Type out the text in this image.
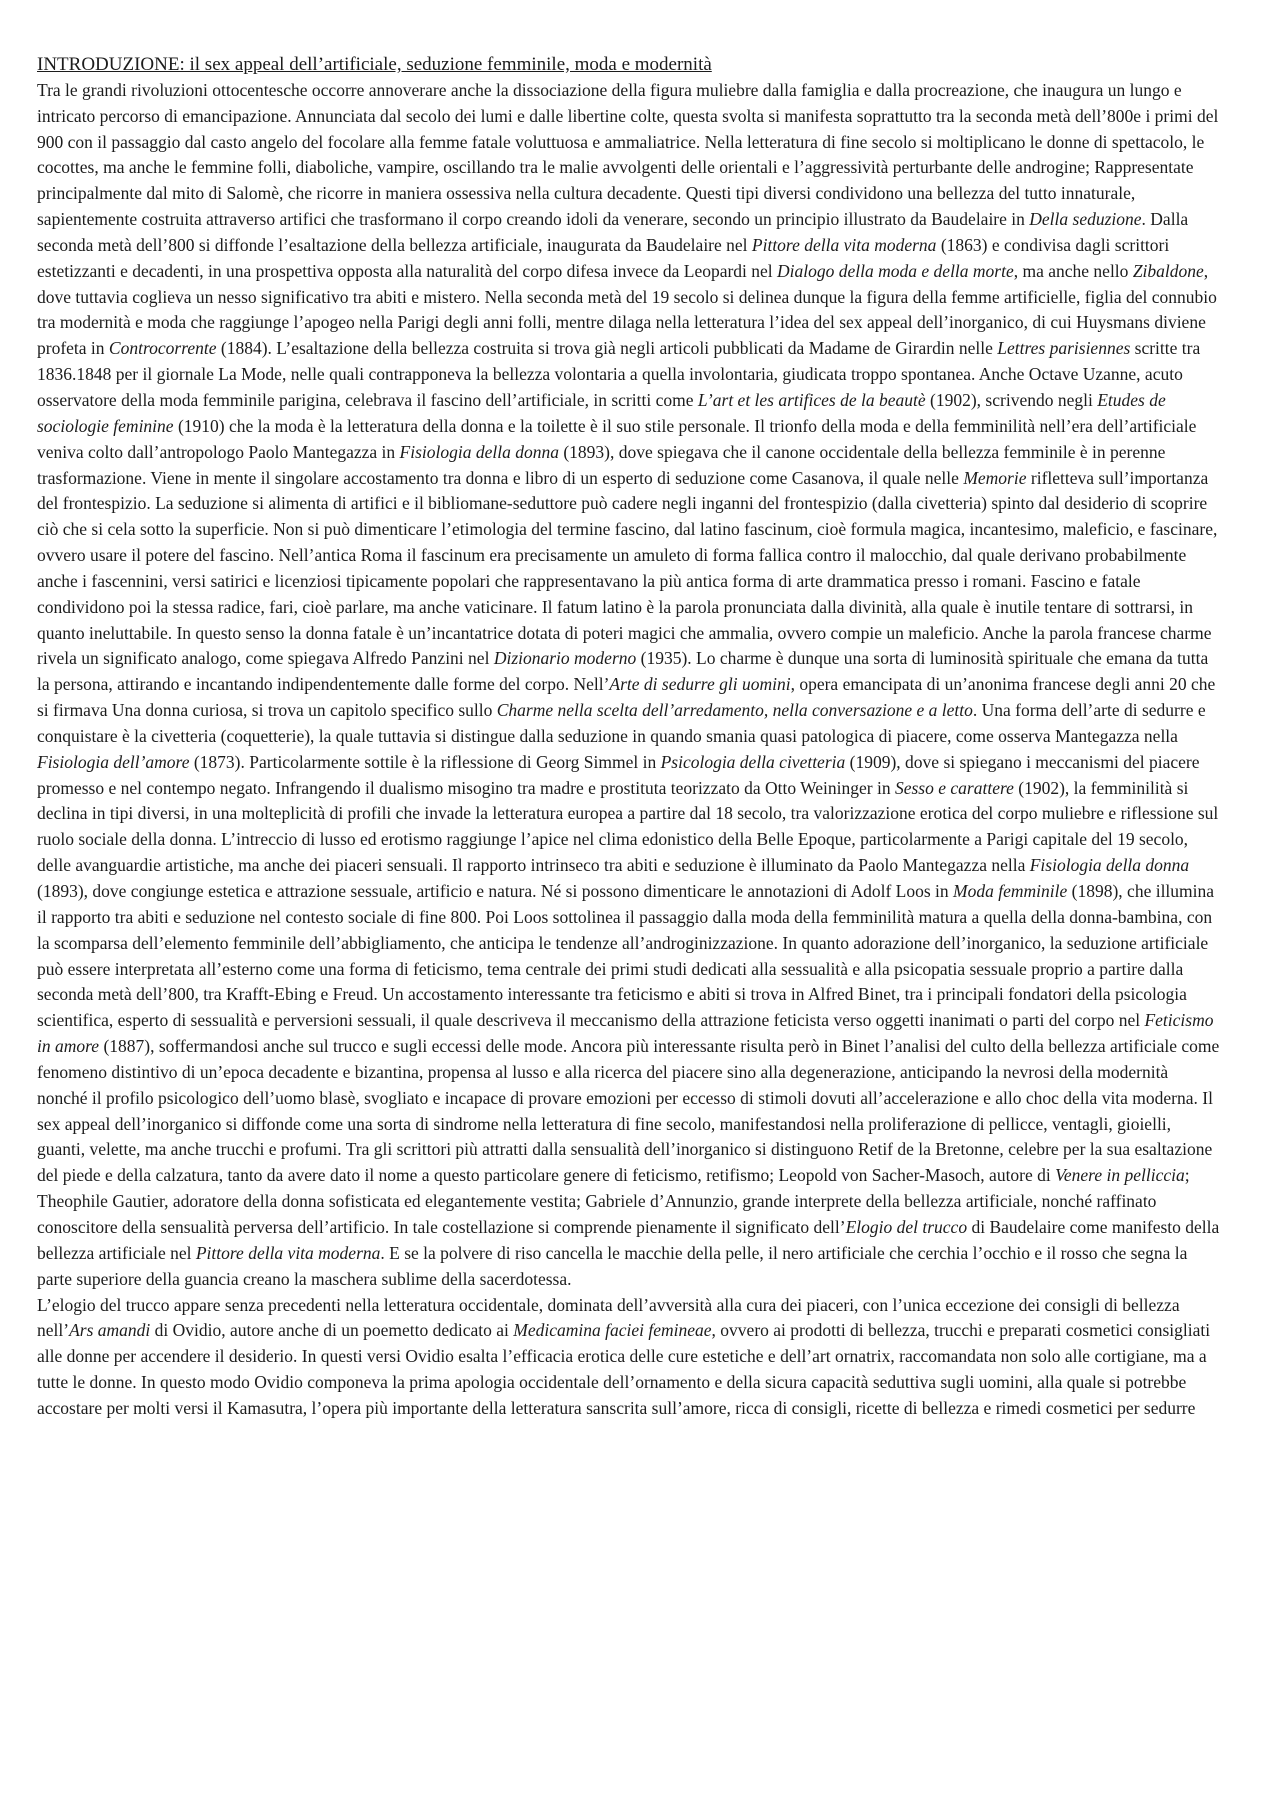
INTRODUZIONE: il sex appeal dell’artificiale, seduzione femminile, moda e modernità

Tra le grandi rivoluzioni ottocentesche occorre annoverare anche la dissociazione della figura muliebre dalla famiglia e dalla procreazione, che inaugura un lungo e intricato percorso di emancipazione. Annunciata dal secolo dei lumi e dalle libertine colte, questa svolta si manifesta soprattutto tra la seconda metà dell’800e i primi del 900 con il passaggio dal casto angelo del focolare alla femme fatale voluttuosa e ammaliatrice. Nella letteratura di fine secolo si moltiplicano le donne di spettacolo, le cocottes, ma anche le femmine folli, diaboliche, vampire, oscillando tra le malie avvolgenti delle orientali e l’aggressività perturbante delle androgine; Rappresentate principalmente dal mito di Salomè, che ricorre in maniera ossessiva nella cultura decadente. Questi tipi diversi condividono una bellezza del tutto innaturale, sapientemente costruita attraverso artifici che trasformano il corpo creando idoli da venerare, secondo un principio illustrato da Baudelaire in Della seduzione. Dalla seconda metà dell’800 si diffonde l’esaltazione della bellezza artificiale, inaugurata da Baudelaire nel Pittore della vita moderna (1863) e condivisa dagli scrittori estetizzanti e decadenti, in una prospettiva opposta alla naturalità del corpo difesa invece da Leopardi nel Dialogo della moda e della morte, ma anche nello Zibaldone, dove tuttavia coglieva un nesso significativo tra abiti e mistero. Nella seconda metà del 19 secolo si delinea dunque la figura della femme artificielle, figlia del connubio tra modernità e moda che raggiunge l’apogeo nella Parigi degli anni folli, mentre dilaga nella letteratura l’idea del sex appeal dell’inorganico, di cui Huysmans diviene profeta in Controcorrente (1884). L’esaltazione della bellezza costruita si trova già negli articoli pubblicati da Madame de Girardin nelle Lettres parisiennes scritte tra 1836.1848 per il giornale La Mode, nelle quali contrapponeva la bellezza volontaria a quella involontaria, giudicata troppo spontanea. Anche Octave Uzanne, acuto osservatore della moda femminile parigina, celebrava il fascino dell’artificiale, in scritti come L’art et les artifices de la beautè (1902), scrivendo negli Etudes de sociologie feminine (1910) che la moda è la letteratura della donna e la toilette è il suo stile personale. Il trionfo della moda e della femminilità nell’era dell’artificiale veniva colto dall’antropologo Paolo Mantegazza in Fisiologia della donna (1893), dove spiegava che il canone occidentale della bellezza femminile è in perenne trasformazione. Viene in mente il singolare accostamento tra donna e libro di un esperto di seduzione come Casanova, il quale nelle Memorie rifletteva sull’importanza del frontespizio. La seduzione si alimenta di artifici e il bibliomane-seduttore può cadere negli inganni del frontespizio (dalla civetteria) spinto dal desiderio di scoprire ciò che si cela sotto la superficie. Non si può dimenticare l’etimologia del termine fascino, dal latino fascinum, cioè formula magica, incantesimo, maleficio, e fascinare, ovvero usare il potere del fascino. Nell’antica Roma il fascinum era precisamente un amuleto di forma fallica contro il malocchio, dal quale derivano probabilmente anche i fascennini, versi satirici e licenziosi tipicamente popolari che rappresentavano la più antica forma di arte drammatica presso i romani. Fascino e fatale condividono poi la stessa radice, fari, cioè parlare, ma anche vaticinare. Il fatum latino è la parola pronunciata dalla divinità, alla quale è inutile tentare di sottrarsi, in quanto ineluttabile. In questo senso la donna fatale è un’incantatrice dotata di poteri magici che ammalia, ovvero compie un maleficio. Anche la parola francese charme rivela un significato analogo, come spiegava Alfredo Panzini nel Dizionario moderno (1935). Lo charme è dunque una sorta di luminosità spirituale che emana da tutta la persona, attirando e incantando indipendentemente dalle forme del corpo. Nell’Arte di sedurre gli uomini, opera emancipata di un’anonima francese degli anni 20 che si firmava Una donna curiosa, si trova un capitolo specifico sullo Charme nella scelta dell’arredamento, nella conversazione e a letto. Una forma dell’arte di sedurre e conquistare è la civetteria (coquetterie), la quale tuttavia si distingue dalla seduzione in quando smania quasi patologica di piacere, come osserva Mantegazza nella Fisiologia dell’amore (1873). Particolarmente sottile è la riflessione di Georg Simmel in Psicologia della civetteria (1909), dove si spiegano i meccanismi del piacere promesso e nel contempo negato. Infrangendo il dualismo misogino tra madre e prostituta teorizzato da Otto Weininger in Sesso e carattere (1902), la femminilità si declina in tipi diversi, in una molteplicità di profili che invade la letteratura europea a partire dal 18 secolo, tra valorizzazione erotica del corpo muliebre e riflessione sul ruolo sociale della donna. L’intreccio di lusso ed erotismo raggiunge l’apice nel clima edonistico della Belle Epoque, particolarmente a Parigi capitale del 19 secolo, delle avanguardie artistiche, ma anche dei piaceri sensuali. Il rapporto intrinseco tra abiti e seduzione è illuminato da Paolo Mantegazza nella Fisiologia della donna (1893), dove congiunge estetica e attrazione sessuale, artificio e natura. Né si possono dimenticare le annotazioni di Adolf Loos in Moda femminile (1898), che illumina il rapporto tra abiti e seduzione nel contesto sociale di fine 800. Poi Loos sottolinea il passaggio dalla moda della femminilità matura a quella della donna-bambina, con la scomparsa dell’elemento femminile dell’abbigliamento, che anticipa le tendenze all’androginizzazione. In quanto adorazione dell’inorganico, la seduzione artificiale può essere interpretata all’esterno come una forma di feticismo, tema centrale dei primi studi dedicati alla sessualità e alla psicopatia sessuale proprio a partire dalla seconda metà dell’800, tra Krafft-Ebing e Freud. Un accostamento interessante tra feticismo e abiti si trova in Alfred Binet, tra i principali fondatori della psicologia scientifica, esperto di sessualità e perversioni sessuali, il quale descriveva il meccanismo della attrazione feticista verso oggetti inanimati o parti del corpo nel Feticismo in amore (1887), soffermandosi anche sul trucco e sugli eccessi delle mode. Ancora più interessante risulta però in Binet l’analisi del culto della bellezza artificiale come fenomeno distintivo di un’epoca decadente e bizantina, propensa al lusso e alla ricerca del piacere sino alla degenerazione, anticipando la nevrosi della modernità nonché il profilo psicologico dell’uomo blasè, svogliato e incapace di provare emozioni per eccesso di stimoli dovuti all’accelerazione e allo choc della vita moderna. Il sex appeal dell’inorganico si diffonde come una sorta di sindrome nella letteratura di fine secolo, manifestandosi nella proliferazione di pellicce, ventagli, gioielli, guanti, velette, ma anche trucchi e profumi. Tra gli scrittori più attratti dalla sensualità dell’inorganico si distinguono Retif de la Bretonne, celebre per la sua esaltazione del piede e della calzatura, tanto da avere dato il nome a questo particolare genere di feticismo, retifismo; Leopold von Sacher-Masoch, autore di Venere in pelliccia; Theophile Gautier, adoratore della donna sofisticata ed elegantemente vestita; Gabriele d’Annunzio, grande interprete della bellezza artificiale, nonché raffinato conoscitore della sensualità perversa dell’artificio. In tale costellazione si comprende pienamente il significato dell’Elogio del trucco di Baudelaire come manifesto della bellezza artificiale nel Pittore della vita moderna. E se la polvere di riso cancella le macchie della pelle, il nero artificiale che cerchia l’occhio e il rosso che segna la parte superiore della guancia creano la maschera sublime della sacerdotessa.

L’elogio del trucco appare senza precedenti nella letteratura occidentale, dominata dell’avversità alla cura dei piaceri, con l’unica eccezione dei consigli di bellezza nell’Ars amandi di Ovidio, autore anche di un poemetto dedicato ai Medicamina faciei femineae, ovvero ai prodotti di bellezza, trucchi e preparati cosmetici consigliati alle donne per accendere il desiderio. In questi versi Ovidio esalta l’efficacia erotica delle cure estetiche e dell’art ornatrix, raccomandata non solo alle cortigiane, ma a tutte le donne. In questo modo Ovidio componeva la prima apologia occidentale dell’ornamento e della sicura capacità seduttiva sugli uomini, alla quale si potrebbe accostare per molti versi il Kamasutra, l’opera più importante della letteratura sanscrita sull’amore, ricca di consigli, ricette di bellezza e rimedi cosmetici per sedurre
